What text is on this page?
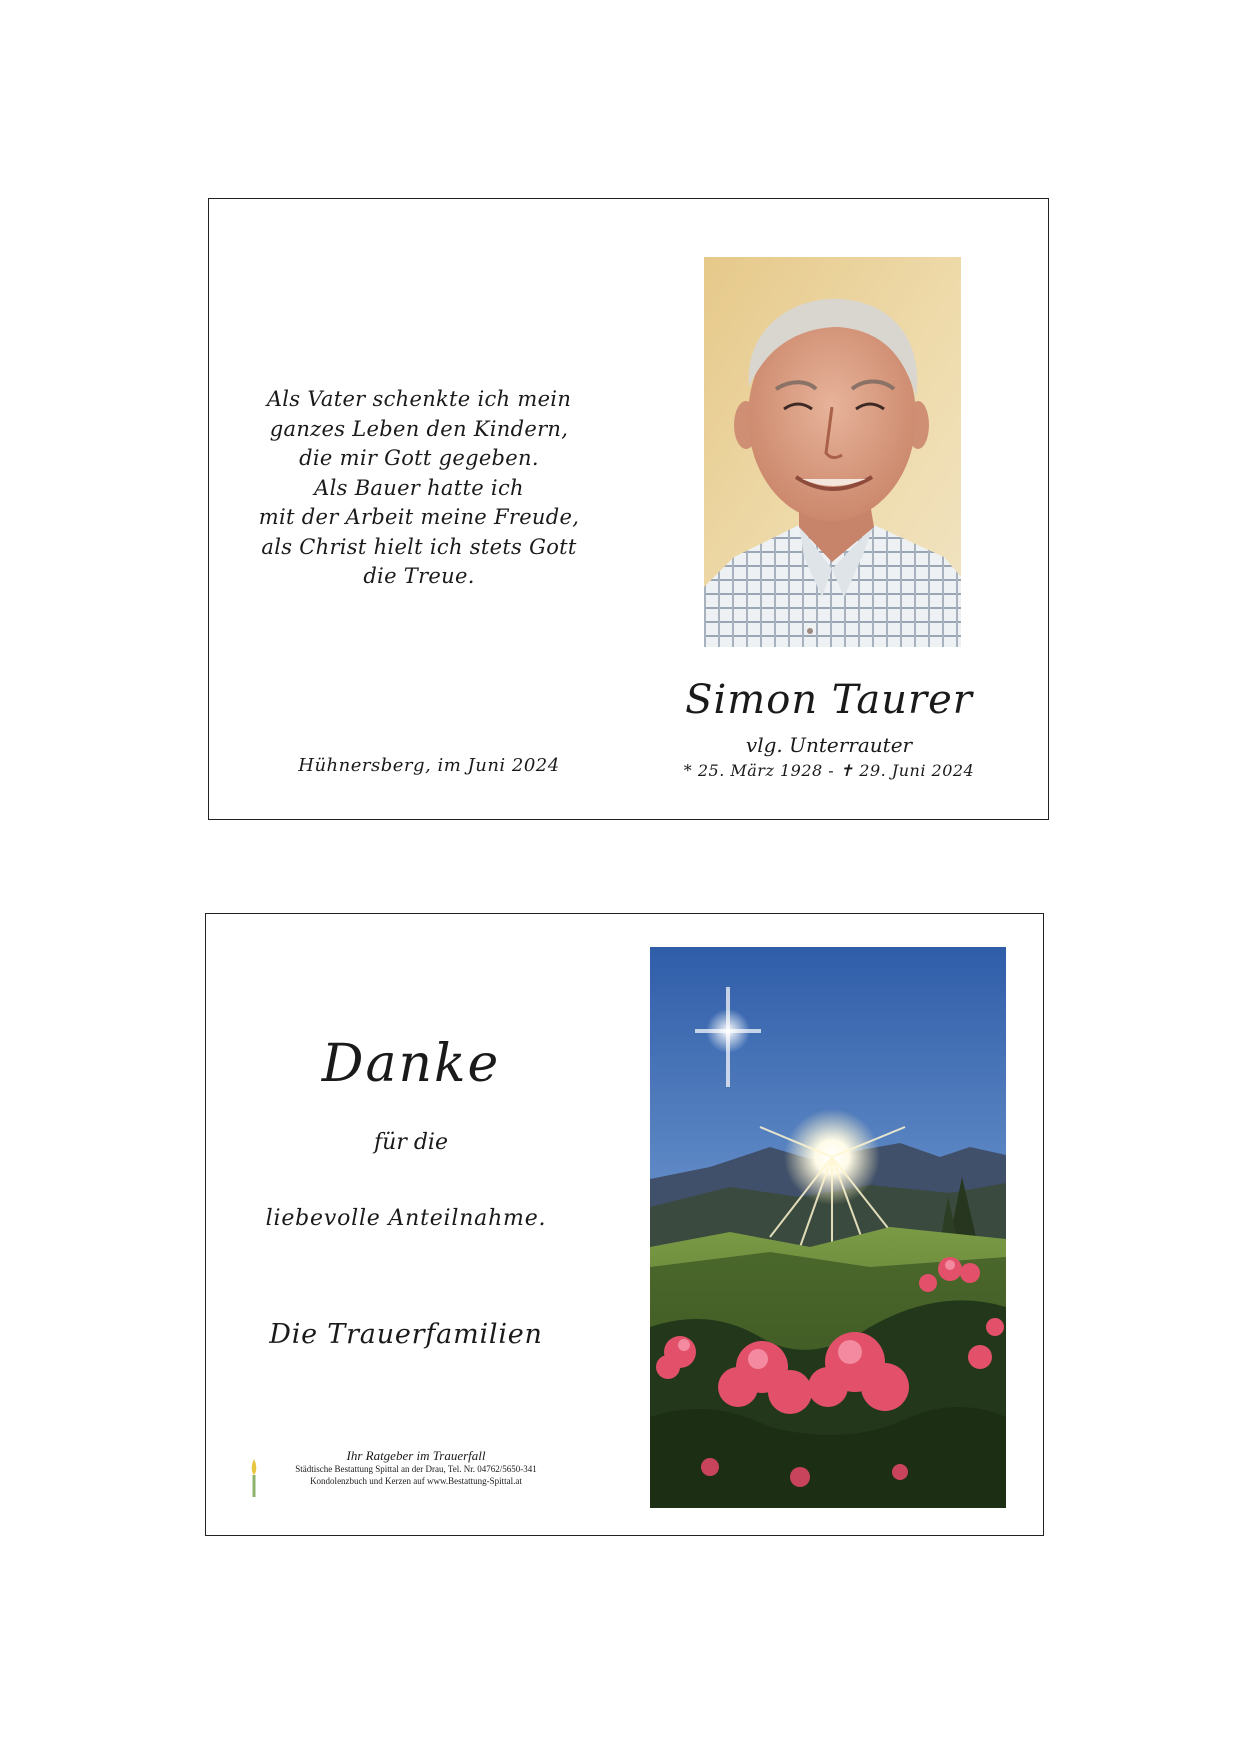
Als Vater schenkte ich mein
ganzes Leben den Kindern,
die mir Gott gegeben.
Als Bauer hatte ich
mit der Arbeit meine Freude,
als Christ hielt ich stets Gott
die Treue.
Simon Taurer
vlg. Unterrauter
* 25. März 1928 - ✝ 29. Juni 2024
Hühnersberg, im Juni 2024
Danke
für die
liebevolle Anteilnahme.
Die Trauerfamilien
Ihr Ratgeber im Trauerfall
Städtische Bestattung Spittal an der Drau, Tel. Nr. 04762/5650-341
Kondolenzbuch und Kerzen auf www.Bestattung-Spittal.at
